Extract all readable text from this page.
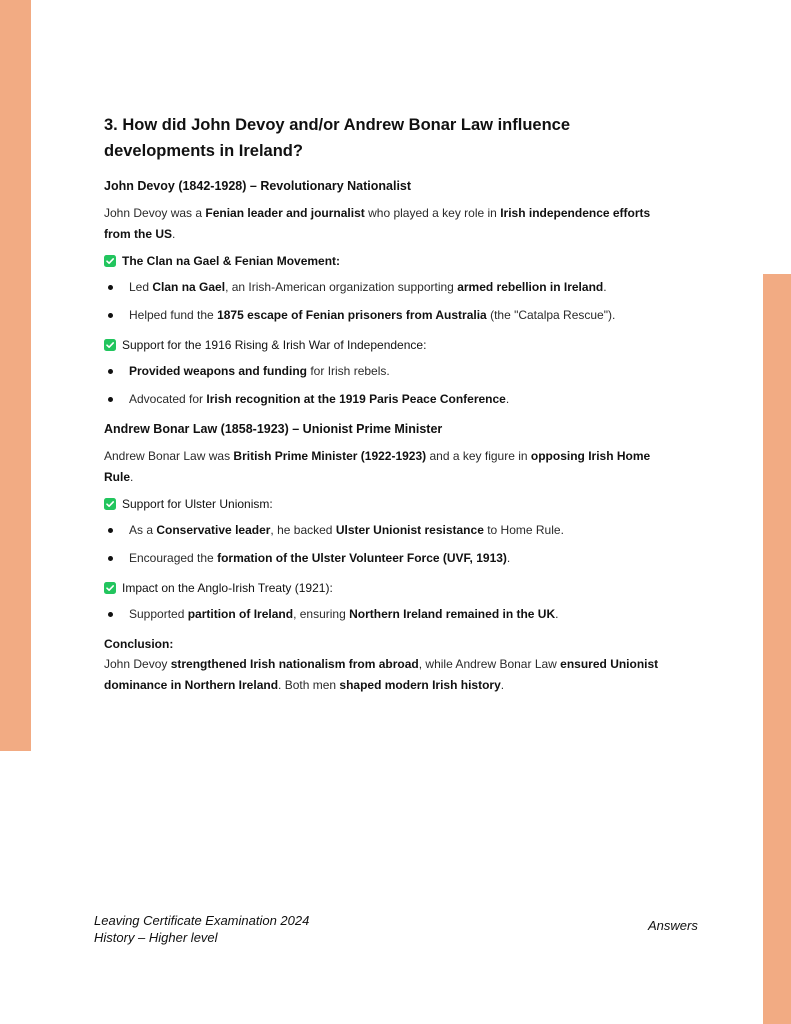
3. How did John Devoy and/or Andrew Bonar Law influence developments in Ireland?
John Devoy (1842-1928) – Revolutionary Nationalist
John Devoy was a Fenian leader and journalist who played a key role in Irish independence efforts from the US.
The Clan na Gael & Fenian Movement:
Led Clan na Gael, an Irish-American organization supporting armed rebellion in Ireland.
Helped fund the 1875 escape of Fenian prisoners from Australia (the "Catalpa Rescue").
Support for the 1916 Rising & Irish War of Independence:
Provided weapons and funding for Irish rebels.
Advocated for Irish recognition at the 1919 Paris Peace Conference.
Andrew Bonar Law (1858-1923) – Unionist Prime Minister
Andrew Bonar Law was British Prime Minister (1922-1923) and a key figure in opposing Irish Home Rule.
Support for Ulster Unionism:
As a Conservative leader, he backed Ulster Unionist resistance to Home Rule.
Encouraged the formation of the Ulster Volunteer Force (UVF, 1913).
Impact on the Anglo-Irish Treaty (1921):
Supported partition of Ireland, ensuring Northern Ireland remained in the UK.
Conclusion:
John Devoy strengthened Irish nationalism from abroad, while Andrew Bonar Law ensured Unionist dominance in Northern Ireland. Both men shaped modern Irish history.
Leaving Certificate Examination 2024
History – Higher level
Answers
